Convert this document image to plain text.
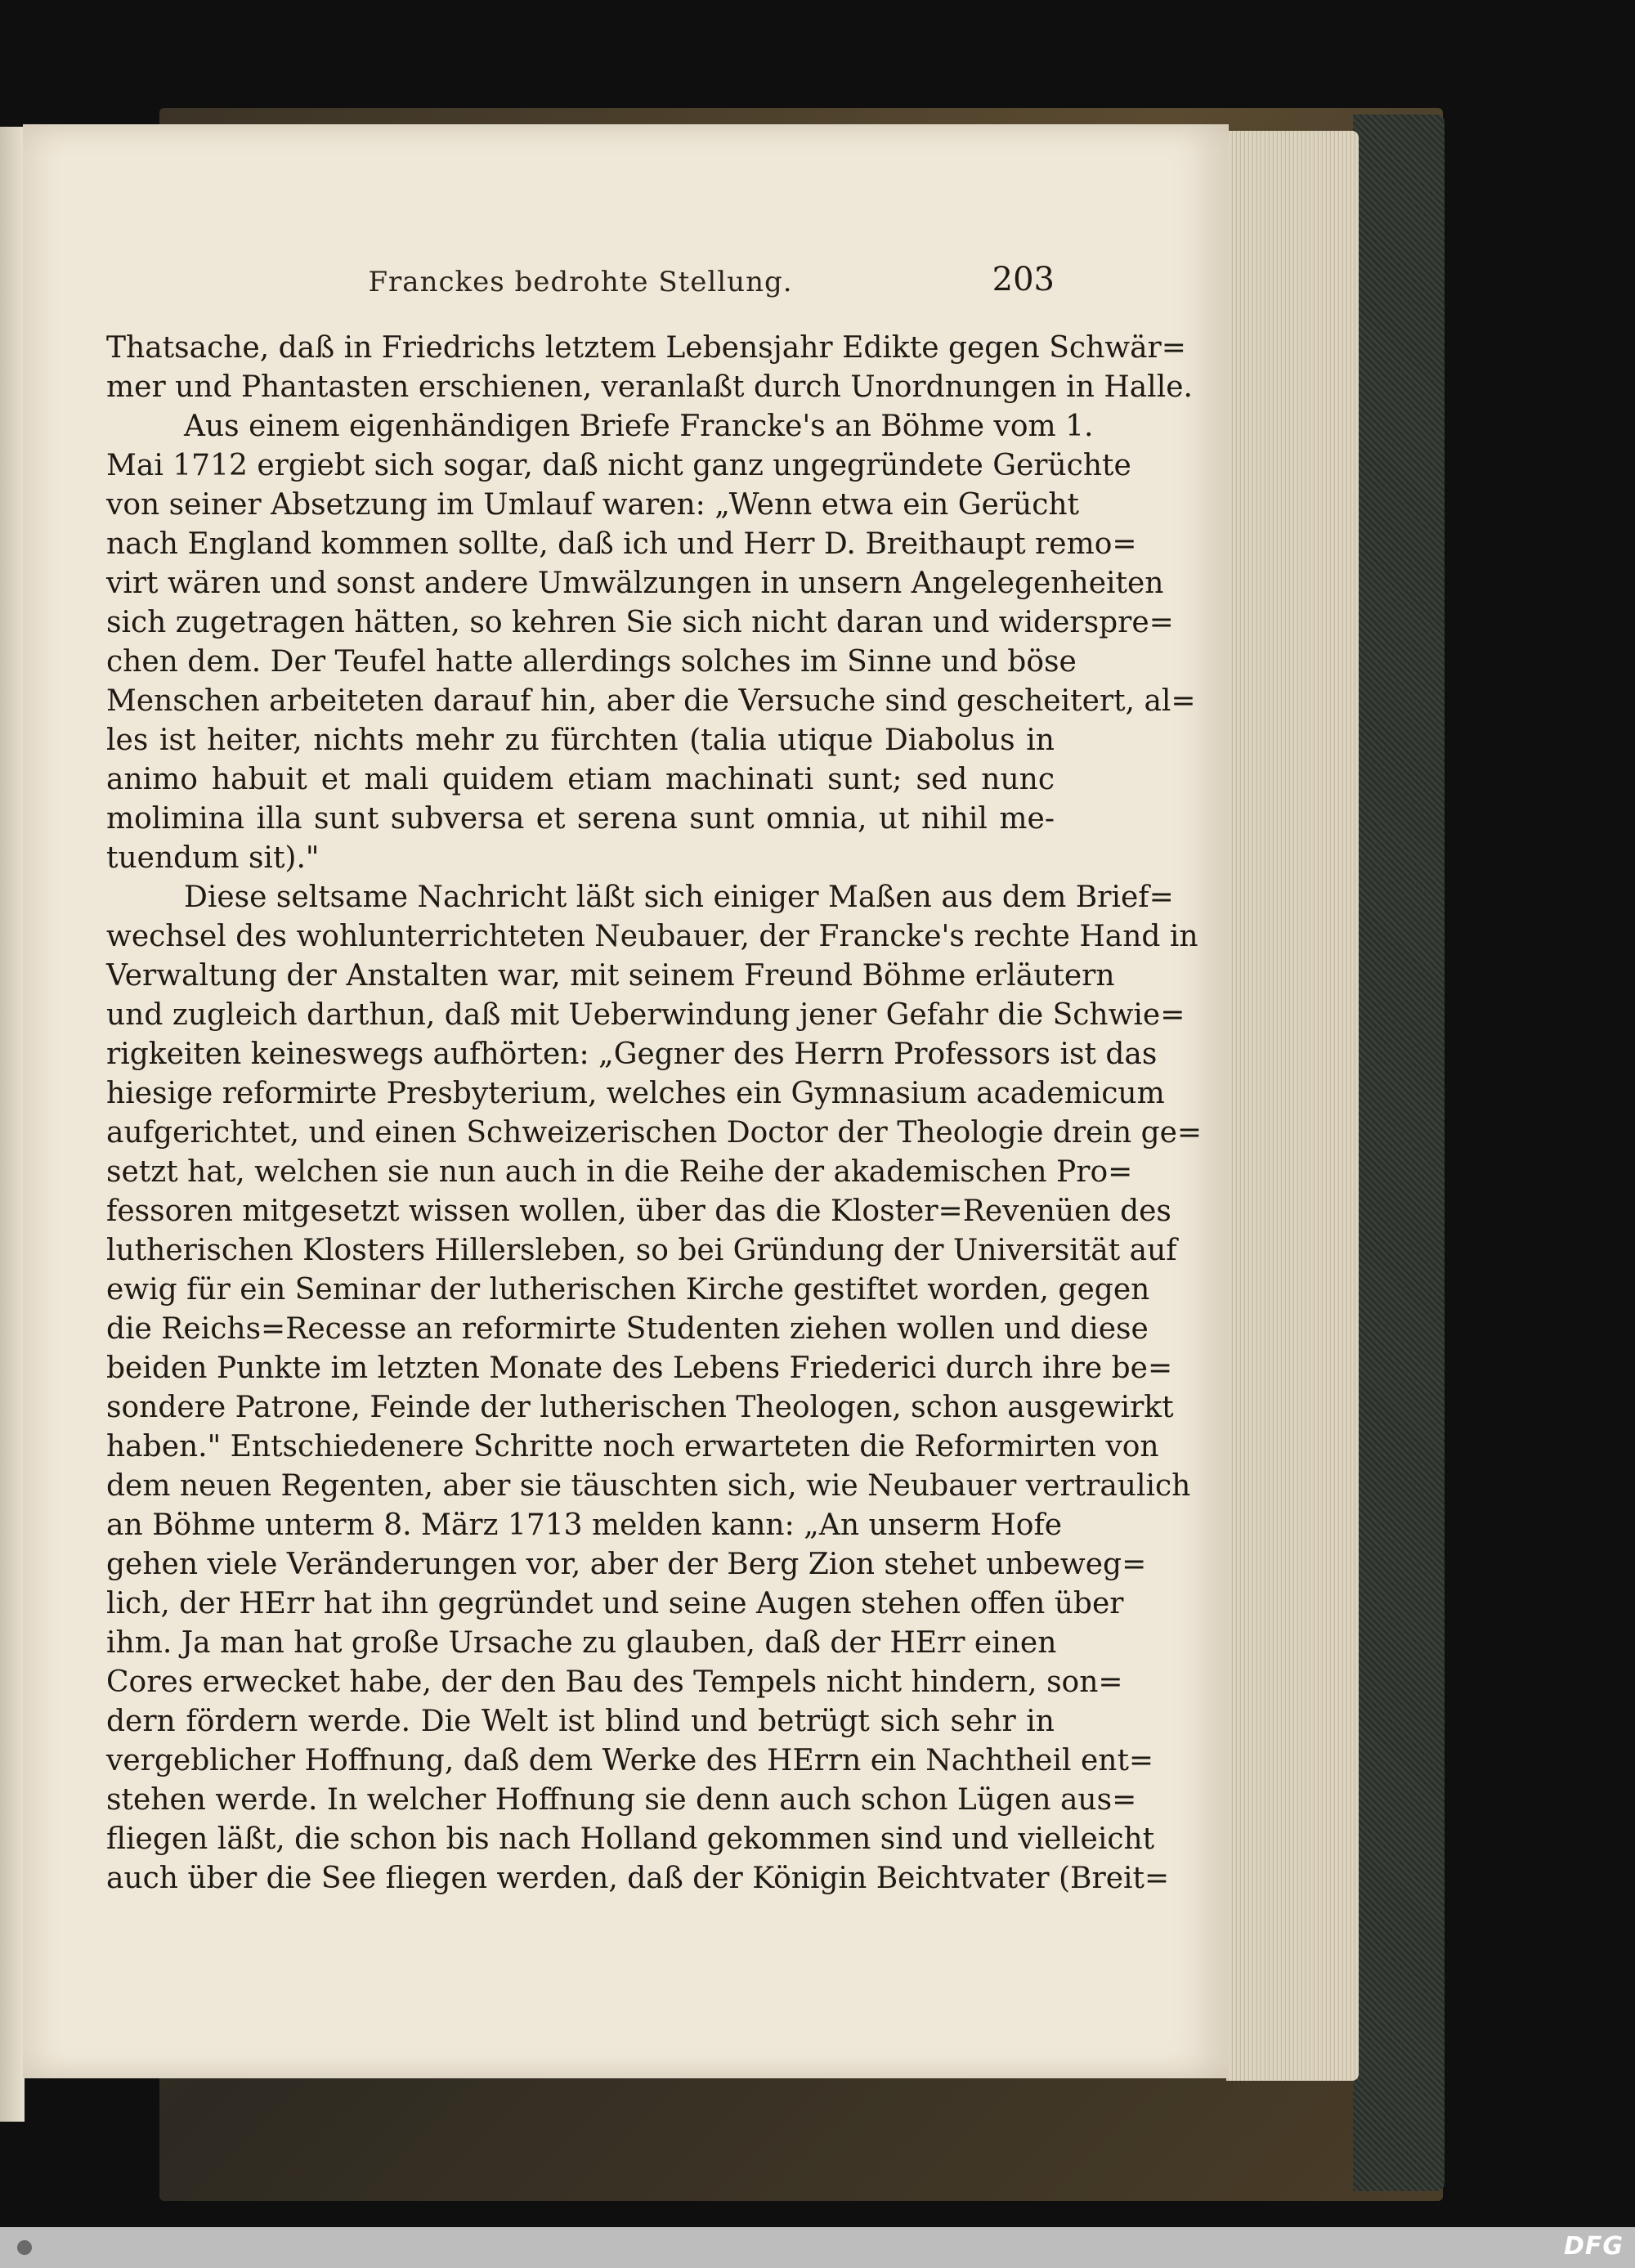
Franckes bedrohte Stellung.	203
Thatsache, daß in Friedrichs letztem Lebensjahr Edikte gegen Schwär=
mer und Phantasten erschienen, veranlaßt durch Unordnungen in Halle.
Aus einem eigenhändigen Briefe Francke's an Böhme vom 1.
Mai 1712 ergiebt sich sogar, daß nicht ganz ungegründete Gerüchte
von seiner Absetzung im Umlauf waren: „Wenn etwa ein Gerücht
nach England kommen sollte, daß ich und Herr D. Breithaupt remo=
virt wären und sonst andere Umwälzungen in unsern Angelegenheiten
sich zugetragen hätten, so kehren Sie sich nicht daran und widerspre=
chen dem. Der Teufel hatte allerdings solches im Sinne und böse
Menschen arbeiteten darauf hin, aber die Versuche sind gescheitert, al=
les ist heiter, nichts mehr zu fürchten (talia utique Diabolus in
animo habuit et mali quidem etiam machinati sunt; sed nunc
molimina illa sunt subversa et serena sunt omnia, ut nihil me-
tuendum sit)."
Diese seltsame Nachricht läßt sich einiger Maßen aus dem Brief=
wechsel des wohlunterrichteten Neubauer, der Francke's rechte Hand in
Verwaltung der Anstalten war, mit seinem Freund Böhme erläutern
und zugleich darthun, daß mit Ueberwindung jener Gefahr die Schwie=
rigkeiten keineswegs aufhörten: „Gegner des Herrn Professors ist das
hiesige reformirte Presbyterium, welches ein Gymnasium academicum
aufgerichtet, und einen Schweizerischen Doctor der Theologie drein ge=
setzt hat, welchen sie nun auch in die Reihe der akademischen Pro=
fessoren mitgesetzt wissen wollen, über das die Kloster=Revenüen des
lutherischen Klosters Hillersleben, so bei Gründung der Universität auf
ewig für ein Seminar der lutherischen Kirche gestiftet worden, gegen
die Reichs=Recesse an reformirte Studenten ziehen wollen und diese
beiden Punkte im letzten Monate des Lebens Friederici durch ihre be=
sondere Patrone, Feinde der lutherischen Theologen, schon ausgewirkt
haben." Entschiedenere Schritte noch erwarteten die Reformirten von
dem neuen Regenten, aber sie täuschten sich, wie Neubauer vertraulich
an Böhme unterm 8. März 1713 melden kann: „An unserm Hofe
gehen viele Veränderungen vor, aber der Berg Zion stehet unbeweg=
lich, der HErr hat ihn gegründet und seine Augen stehen offen über
ihm. Ja man hat große Ursache zu glauben, daß der HErr einen
Cores erwecket habe, der den Bau des Tempels nicht hindern, son=
dern fördern werde. Die Welt ist blind und betrügt sich sehr in
vergeblicher Hoffnung, daß dem Werke des HErrn ein Nachtheil ent=
stehen werde. In welcher Hoffnung sie denn auch schon Lügen aus=
fliegen läßt, die schon bis nach Holland gekommen sind und vielleicht
auch über die See fliegen werden, daß der Königin Beichtvater (Breit=
DFG
